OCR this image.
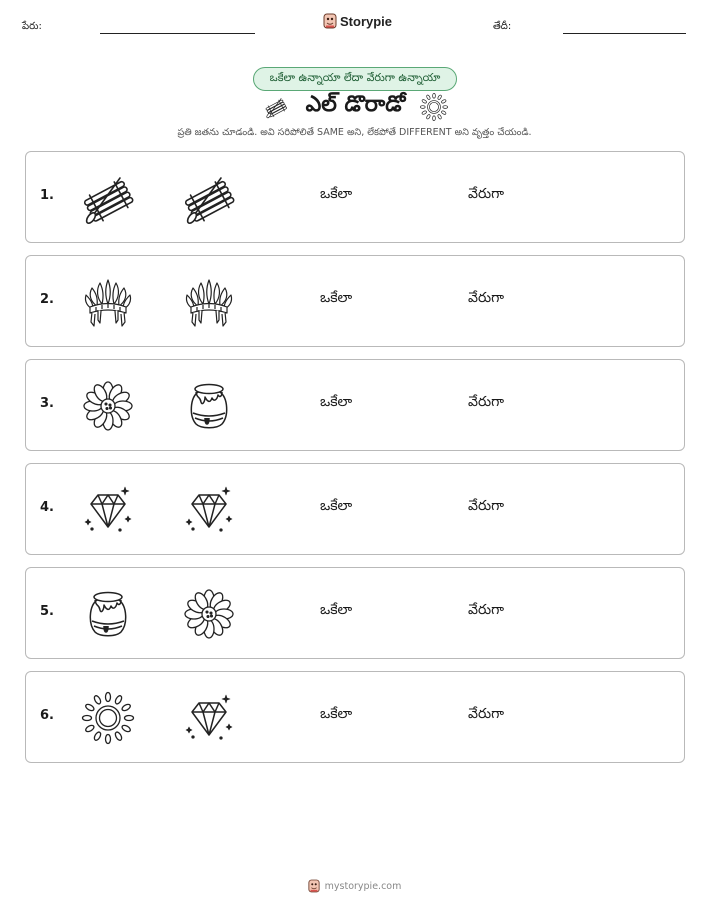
పేరు:	Storypie	తేదీ:
ఒకేలా ఉన్నాయా లేదా వేరుగా ఉన్నాయా
ఎల్ డొరాడో
ప్రతి జతను చూడండి. అవి సరిపోలితే SAME అని, లేకపోతే DIFFERENT అని వృత్తం చేయండి.
1.	ఒకేలా	వేరుగా
2.	ఒకేలా	వేరుగా
3.	ఒకేలా	వేరుగా
4.	ఒకేలా	వేరుగా
5.	ఒకేలా	వేరుగా
6.	ఒకేలా	వేరుగా
mystorypie.com
